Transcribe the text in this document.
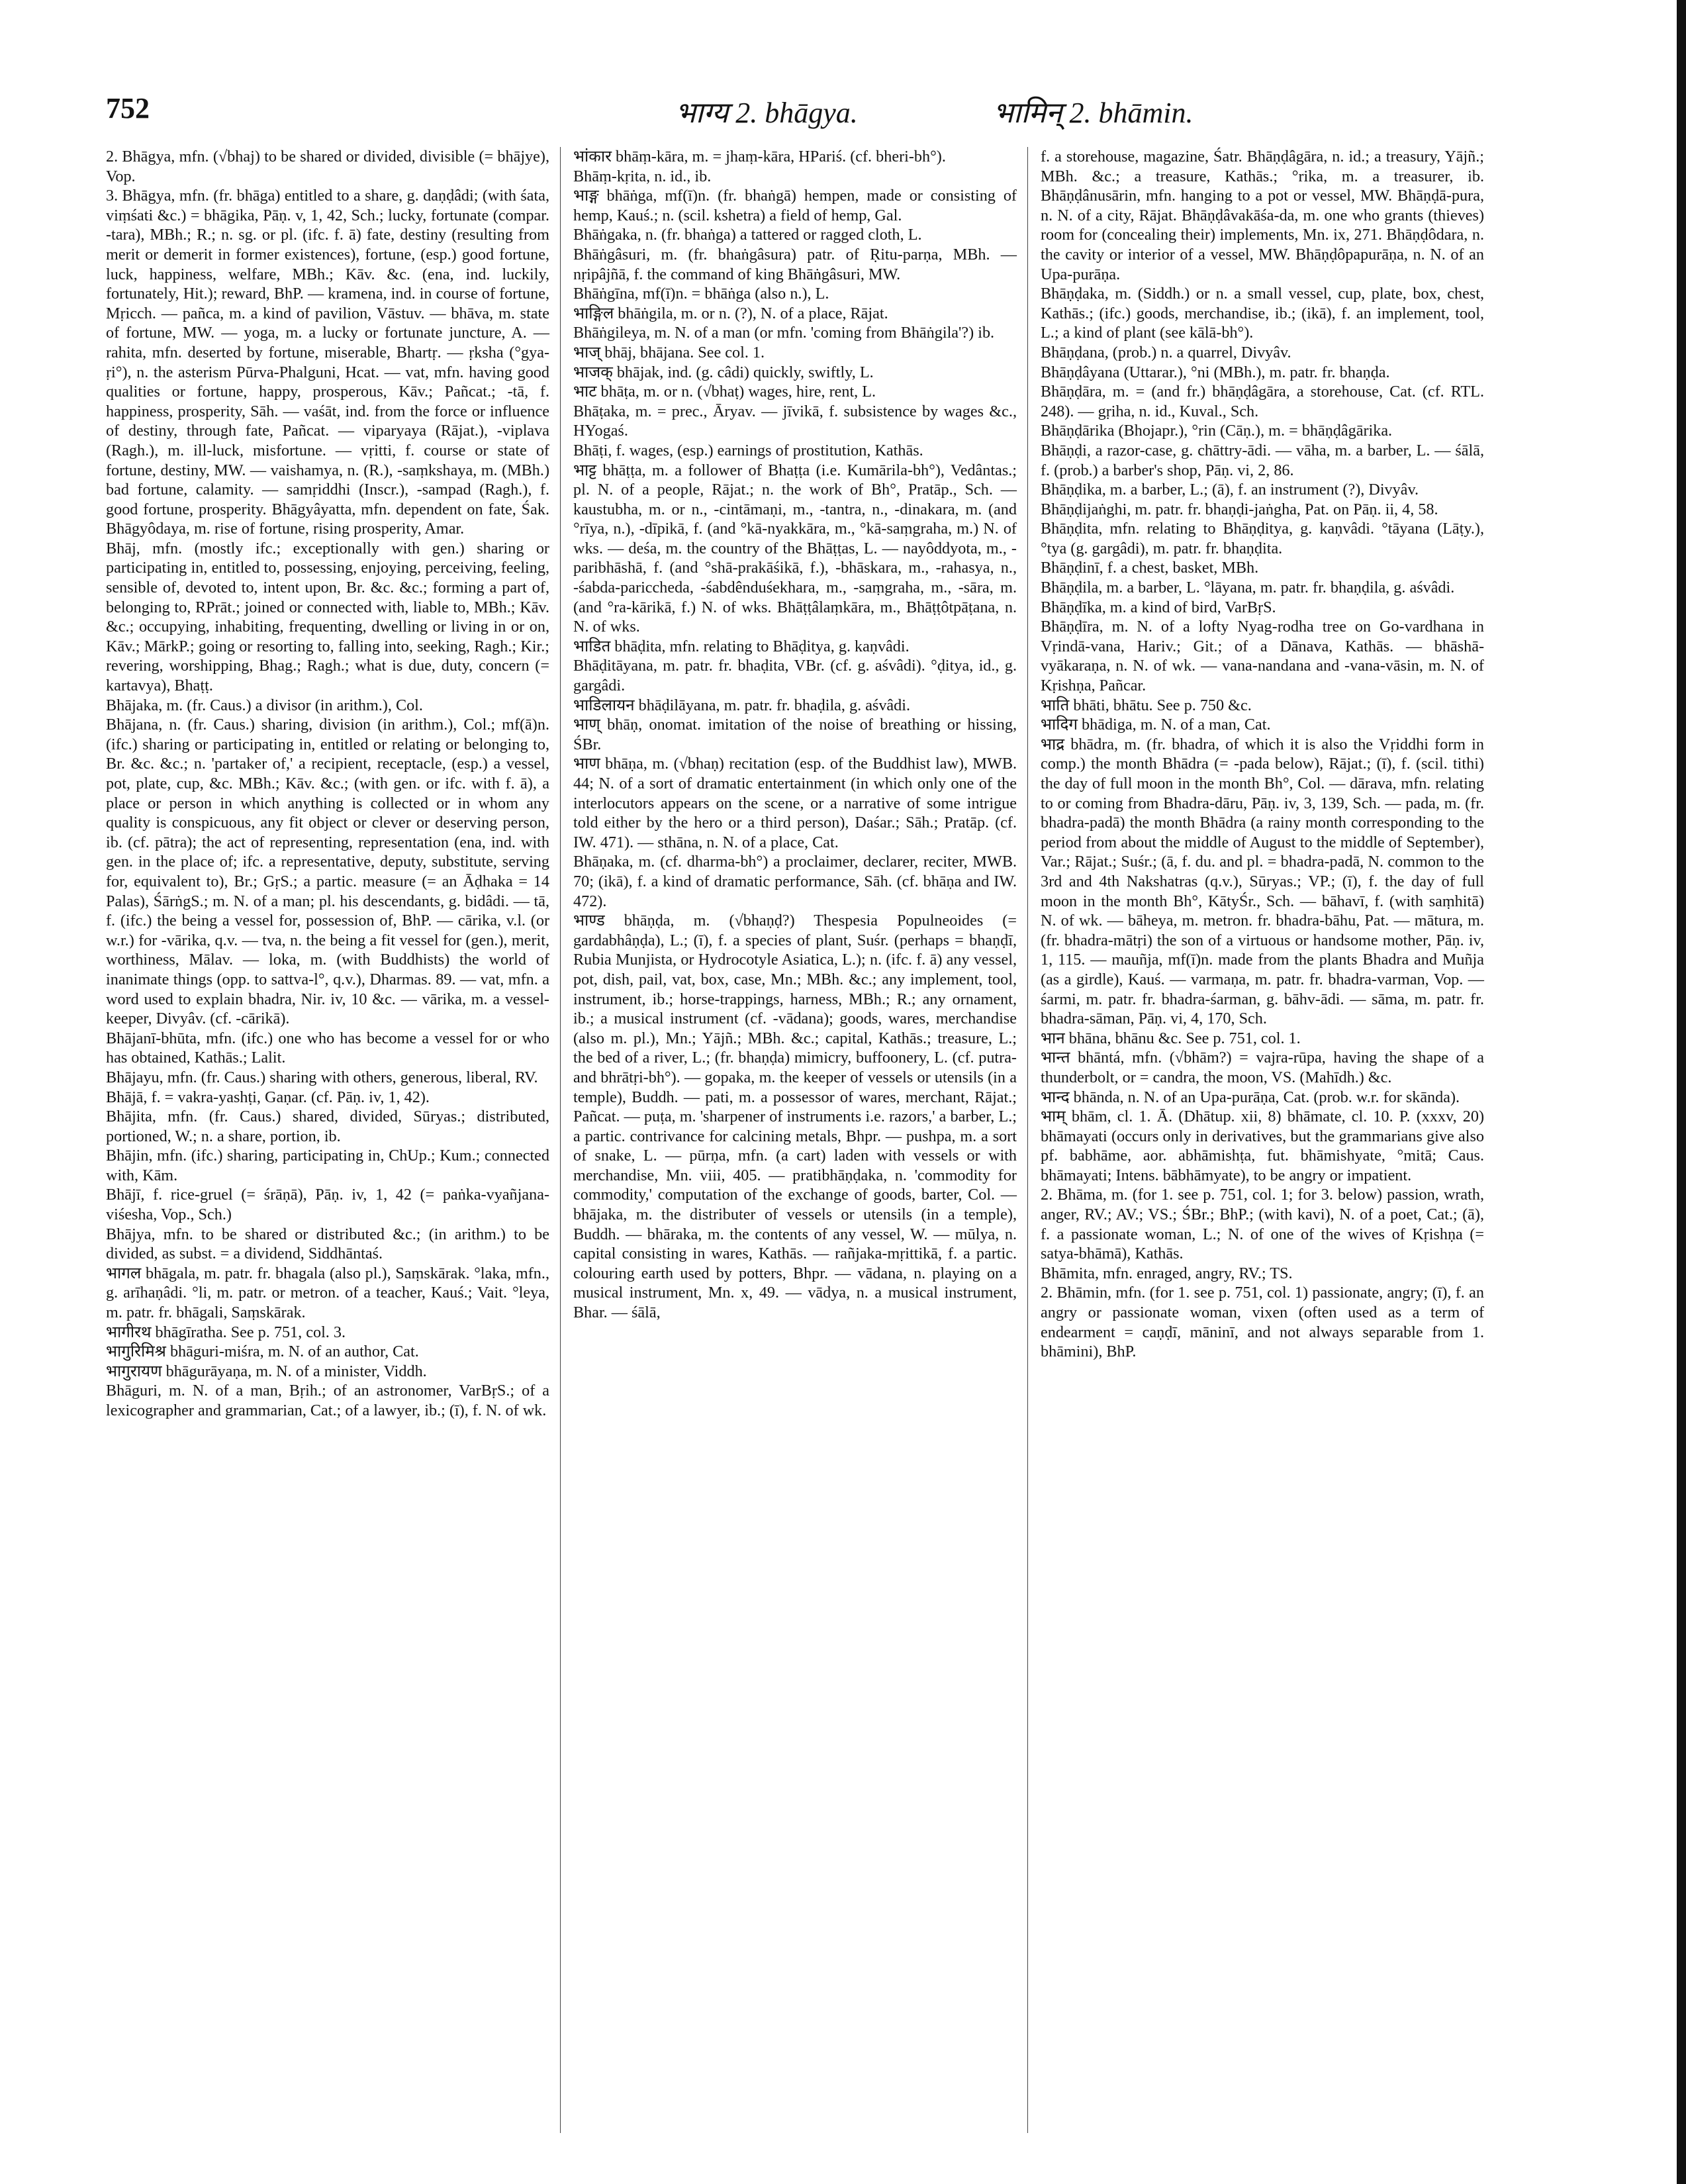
752	भाग्य 2. bhāgya.	भामिन् 2. bhāmin.

2. Bhāgya, mfn. (√bhaj) to be shared or divided, divisible (= bhājye), Vop.

3. Bhāgya, mfn. (fr. bhāga) entitled to a share, g. daṇḍâdi; (with śata, viṃśati &c.) = bhāgika, Pāṇ. v, 1, 42, Sch.; lucky, fortunate (compar. -tara), MBh.; R.; n. sg. or pl. (ifc. f. ā) fate, destiny (resulting from merit or demerit in former existences), fortune, (esp.) good fortune, luck, happiness, welfare, MBh.; Kāv. &c. (ena, ind. luckily, fortunately, Hit.); reward, BhP. — kramena, ind. in course of fortune, Mṛicch. — pañca, m. a kind of pavilion, Vāstuv. — bhāva, m. state of fortune, MW. — yoga, m. a lucky or fortunate juncture, A. — rahita, mfn. deserted by fortune, miserable, Bhartṛ. — ṛksha (°gya-ṛi°), n. the asterism Pūrva-Phalguni, Hcat. — vat, mfn. having good qualities or fortune, happy, prosperous, Kāv.; Pañcat.; -tā, f. happiness, prosperity, Sāh. — vaśāt, ind. from the force or influence of destiny, through fate, Pañcat. — viparyaya (Rājat.), -viplava (Ragh.), m. ill-luck, misfortune. — vṛitti, f. course or state of fortune, destiny, MW. — vaishamya, n. (R.), -saṃkshaya, m. (MBh.) bad fortune, calamity. — samṛiddhi (Inscr.), -sampad (Ragh.), f. good fortune, prosperity. Bhāgyâyatta, mfn. dependent on fate, Śak. Bhāgyôdaya, m. rise of fortune, rising prosperity, Amar.

Bhāj, mfn. (mostly ifc.; exceptionally with gen.) sharing or participating in, entitled to, possessing, enjoying, perceiving, feeling, sensible of, devoted to, intent upon, Br. &c. &c.; forming a part of, belonging to, RPrāt.; joined or connected with, liable to, MBh.; Kāv. &c.; occupying, inhabiting, frequenting, dwelling or living in or on, Kāv.; MārkP.; going or resorting to, falling into, seeking, Ragh.; Kir.; revering, worshipping, Bhag.; Ragh.; what is due, duty, concern (= kartavya), Bhaṭṭ.

Bhājaka, m. (fr. Caus.) a divisor (in arithm.), Col.

Bhājana, n. (fr. Caus.) sharing, division (in arithm.), Col.; mf(ā)n. (ifc.) sharing or participating in, entitled or relating or belonging to, Br. &c. &c.; n. 'partaker of,' a recipient, receptacle, (esp.) a vessel, pot, plate, cup, &c. MBh.; Kāv. &c.; (with gen. or ifc. with f. ā), a place or person in which anything is collected or in whom any quality is conspicuous, any fit object or clever or deserving person, ib. (cf. pātra); the act of representing, representation (ena, ind. with gen. in the place of; ifc. a representative, deputy, substitute, serving for, equivalent to), Br.; GṛS.; a partic. measure (= an Āḍhaka = 14 Palas), ŚārṅgS.; m. N. of a man; pl. his descendants, g. bidâdi. — tā, f. (ifc.) the being a vessel for, possession of, BhP. — cārika, v.l. (or w.r.) for -vārika, q.v. — tva, n. the being a fit vessel for (gen.), merit, worthiness, Mālav. — loka, m. (with Buddhists) the world of inanimate things (opp. to sattva-l°, q.v.), Dharmas. 89. — vat, mfn. a word used to explain bhadra, Nir. iv, 10 &c. — vārika, m. a vessel-keeper, Divyâv. (cf. -cārikā).

Bhājanī-bhūta, mfn. (ifc.) one who has become a vessel for or who has obtained, Kathās.; Lalit.

Bhājayu, mfn. (fr. Caus.) sharing with others, generous, liberal, RV.

Bhājā, f. = vakra-yashṭi, Gaṇar. (cf. Pāṇ. iv, 1, 42).

Bhājita, mfn. (fr. Caus.) shared, divided, Sūryas.; distributed, portioned, W.; n. a share, portion, ib.

Bhājin, mfn. (ifc.) sharing, participating in, ChUp.; Kum.; connected with, Kām.

Bhājī, f. rice-gruel (= śrāṇā), Pāṇ. iv, 1, 42 (= paṅka-vyañjana-viśesha, Vop., Sch.)

Bhājya, mfn. to be shared or distributed &c.; (in arithm.) to be divided, as subst. = a dividend, Siddhāntaś.

भागल bhāgala, m. patr. fr. bhagala (also pl.), Saṃskārak. °laka, mfn., g. arīhaṇâdi. °li, m. patr. or metron. of a teacher, Kauś.; Vait. °leya, m. patr. fr. bhāgali, Saṃskārak.

भागीरथ bhāgīratha. See p. 751, col. 3.

भागुरिमिश्र bhāguri-miśra, m. N. of an author, Cat.

भागुरायण bhāgurāyaṇa, m. N. of a minister, Viddh.

Bhāguri, m. N. of a man, Bṛih.; of an astronomer, VarBṛS.; of a lexicographer and grammarian, Cat.; of a lawyer, ib.; (ī), f. N. of wk.

भांकार bhāṃ-kāra, m. = jhaṃ-kāra, HPariś. (cf. bheri-bh°).

Bhāṃ-kṛita, n. id., ib.

भाङ्ग bhāṅga, mf(ī)n. (fr. bhaṅgā) hempen, made or consisting of hemp, Kauś.; n. (scil. kshetra) a field of hemp, Gal.

Bhāṅgaka, n. (fr. bhaṅga) a tattered or ragged cloth, L.

Bhāṅgâsuri, m. (fr. bhaṅgâsura) patr. of Ṛitu-parṇa, MBh. — nṛipâjñā, f. the command of king Bhāṅgâsuri, MW.

Bhāṅgīna, mf(ī)n. = bhāṅga (also n.), L.

भाङ्गिल bhāṅgila, m. or n. (?), N. of a place, Rājat.

Bhāṅgileya, m. N. of a man (or mfn. 'coming from Bhāṅgila'?) ib.

भाज् bhāj, bhājana. See col. 1.

भाजक् bhājak, ind. (g. câdi) quickly, swiftly, L.

भाट bhāṭa, m. or n. (√bhaṭ) wages, hire, rent, L.

Bhāṭaka, m. = prec., Āryav. — jīvikā, f. subsistence by wages &c., HYogaś.

Bhāṭi, f. wages, (esp.) earnings of prostitution, Kathās.

भाट्ट bhāṭṭa, m. a follower of Bhaṭṭa (i.e. Kumārila-bh°), Vedântas.; pl. N. of a people, Rājat.; n. the work of Bh°, Pratāp., Sch. — kaustubha, m. or n., -cintāmaṇi, m., -tantra, n., -dinakara, m. (and °rīya, n.), -dīpikā, f. (and °kā-nyakkāra, m., °kā-saṃgraha, m.) N. of wks. — deśa, m. the country of the Bhāṭṭas, L. — nayôddyota, m., -paribhāshā, f. (and °shā-prakāśikā, f.), -bhāskara, m., -rahasya, n., -śabda-pariccheda, -śabdênduśekhara, m., -saṃgraha, m., -sāra, m. (and °ra-kārikā, f.) N. of wks. Bhāṭṭâlaṃkāra, m., Bhāṭṭôtpāṭana, n. N. of wks.

भाडित bhāḍita, mfn. relating to Bhāḍitya, g. kaṇvâdi.

Bhāḍitāyana, m. patr. fr. bhaḍita, VBr. (cf. g. aśvâdi). °ḍitya, id., g. gargâdi.

भाडिलायन bhāḍilāyana, m. patr. fr. bhaḍila, g. aśvâdi.

भाण् bhāṇ, onomat. imitation of the noise of breathing or hissing, ŚBr.

भाण bhāṇa, m. (√bhaṇ) recitation (esp. of the Buddhist law), MWB. 44; N. of a sort of dramatic entertainment (in which only one of the interlocutors appears on the scene, or a narrative of some intrigue told either by the hero or a third person), Daśar.; Sāh.; Pratāp. (cf. IW. 471). — sthāna, n. N. of a place, Cat.

Bhāṇaka, m. (cf. dharma-bh°) a proclaimer, declarer, reciter, MWB. 70; (ikā), f. a kind of dramatic performance, Sāh. (cf. bhāṇa and IW. 472).

भाण्ड bhāṇḍa, m. (√bhaṇḍ?) Thespesia Populneoides (= gardabhâṇḍa), L.; (ī), f. a species of plant, Suśr. (perhaps = bhaṇḍī, Rubia Munjista, or Hydrocotyle Asiatica, L.); n. (ifc. f. ā) any vessel, pot, dish, pail, vat, box, case, Mn.; MBh. &c.; any implement, tool, instrument, ib.; horse-trappings, harness, MBh.; R.; any ornament, ib.; a musical instrument (cf. -vādana); goods, wares, merchandise (also m. pl.), Mn.; Yājñ.; MBh. &c.; capital, Kathās.; treasure, L.; the bed of a river, L.; (fr. bhaṇḍa) mimicry, buffoonery, L. (cf. putra- and bhrātṛi-bh°). — gopaka, m. the keeper of vessels or utensils (in a temple), Buddh. — pati, m. a possessor of wares, merchant, Rājat.; Pañcat. — puṭa, m. 'sharpener of instruments i.e. razors,' a barber, L.; a partic. contrivance for calcining metals, Bhpr. — pushpa, m. a sort of snake, L. — pūrṇa, mfn. (a cart) laden with vessels or with merchandise, Mn. viii, 405. — pratibhāṇḍaka, n. 'commodity for commodity,' computation of the exchange of goods, barter, Col. — bhājaka, m. the distributer of vessels or utensils (in a temple), Buddh. — bhāraka, m. the contents of any vessel, W. — mūlya, n. capital consisting in wares, Kathās. — rañjaka-mṛittikā, f. a partic. colouring earth used by potters, Bhpr. — vādana, n. playing on a musical instrument, Mn. x, 49. — vādya, n. a musical instrument, Bhar. — śālā,

f. a storehouse, magazine, Śatr. Bhāṇḍâgāra, n. id.; a treasury, Yājñ.; MBh. &c.; a treasure, Kathās.; °rika, m. a treasurer, ib. Bhāṇḍânusārin, mfn. hanging to a pot or vessel, MW. Bhāṇḍā-pura, n. N. of a city, Rājat. Bhāṇḍâvakāśa-da, m. one who grants (thieves) room for (concealing their) implements, Mn. ix, 271. Bhāṇḍôdara, n. the cavity or interior of a vessel, MW. Bhāṇḍôpapurāṇa, n. N. of an Upa-purāṇa.

Bhāṇḍaka, m. (Siddh.) or n. a small vessel, cup, plate, box, chest, Kathās.; (ifc.) goods, merchandise, ib.; (ikā), f. an implement, tool, L.; a kind of plant (see kālā-bh°).

Bhāṇḍana, (prob.) n. a quarrel, Divyâv.

Bhāṇḍâyana (Uttarar.), °ni (MBh.), m. patr. fr. bhaṇḍa.

Bhāṇḍāra, m. = (and fr.) bhāṇḍâgāra, a storehouse, Cat. (cf. RTL. 248). — gṛiha, n. id., Kuval., Sch.

Bhāṇḍārika (Bhojapr.), °rin (Cāṇ.), m. = bhāṇḍâgārika.

Bhāṇḍi, a razor-case, g. chāttry-ādi. — vāha, m. a barber, L. — śālā, f. (prob.) a barber's shop, Pāṇ. vi, 2, 86.

Bhāṇḍika, m. a barber, L.; (ā), f. an instrument (?), Divyâv.

Bhāṇḍijaṅghi, m. patr. fr. bhaṇḍi-jaṅgha, Pat. on Pāṇ. ii, 4, 58.

Bhāṇḍita, mfn. relating to Bhāṇḍitya, g. kaṇvâdi. °tāyana (Lāṭy.), °tya (g. gargâdi), m. patr. fr. bhaṇḍita.

Bhāṇḍinī, f. a chest, basket, MBh.

Bhāṇḍila, m. a barber, L. °lāyana, m. patr. fr. bhaṇḍila, g. aśvâdi.

Bhāṇḍīka, m. a kind of bird, VarBṛS.

Bhāṇḍīra, m. N. of a lofty Nyag-rodha tree on Go-vardhana in Vṛindā-vana, Hariv.; Git.; of a Dānava, Kathās. — bhāshā-vyākaraṇa, n. N. of wk. — vana-nandana and -vana-vāsin, m. N. of Kṛishṇa, Pañcar.

भाति bhāti, bhātu. See p. 750 &c.

भादिग bhādiga, m. N. of a man, Cat.

भाद्र bhādra, m. (fr. bhadra, of which it is also the Vṛiddhi form in comp.) the month Bhādra (= -pada below), Rājat.; (ī), f. (scil. tithi) the day of full moon in the month Bh°, Col. — dārava, mfn. relating to or coming from Bhadra-dāru, Pāṇ. iv, 3, 139, Sch. — pada, m. (fr. bhadra-padā) the month Bhādra (a rainy month corresponding to the period from about the middle of August to the middle of September), Var.; Rājat.; Suśr.; (ā, f. du. and pl. = bhadra-padā, N. common to the 3rd and 4th Nakshatras (q.v.), Sūryas.; VP.; (ī), f. the day of full moon in the month Bh°, KātyŚr., Sch. — bāhavī, f. (with saṃhitā) N. of wk. — bāheya, m. metron. fr. bhadra-bāhu, Pat. — mātura, m. (fr. bhadra-mātṛi) the son of a virtuous or handsome mother, Pāṇ. iv, 1, 115. — mauñja, mf(ī)n. made from the plants Bhadra and Muñja (as a girdle), Kauś. — varmaṇa, m. patr. fr. bhadra-varman, Vop. — śarmi, m. patr. fr. bhadra-śarman, g. bāhv-ādi. — sāma, m. patr. fr. bhadra-sāman, Pāṇ. vi, 4, 170, Sch.

भान bhāna, bhānu &c. See p. 751, col. 1.

भान्त bhāntá, mfn. (√bhām?) = vajra-rūpa, having the shape of a thunderbolt, or = candra, the moon, VS. (Mahīdh.) &c.

भान्द bhānda, n. N. of an Upa-purāṇa, Cat. (prob. w.r. for skānda).

भाम् bhām, cl. 1. Ā. (Dhātup. xii, 8) bhāmate, cl. 10. P. (xxxv, 20) bhāmayati (occurs only in derivatives, but the grammarians give also pf. babhāme, aor. abhāmishṭa, fut. bhāmishyate, °mitā; Caus. bhāmayati; Intens. bābhāmyate), to be angry or impatient.

2. Bhāma, m. (for 1. see p. 751, col. 1; for 3. below) passion, wrath, anger, RV.; AV.; VS.; ŚBr.; BhP.; (with kavi), N. of a poet, Cat.; (ā), f. a passionate woman, L.; N. of one of the wives of Kṛishṇa (= satya-bhāmā), Kathās.

Bhāmita, mfn. enraged, angry, RV.; TS.

2. Bhāmin, mfn. (for 1. see p. 751, col. 1) passionate, angry; (ī), f. an angry or passionate woman, vixen (often used as a term of endearment = caṇḍī, māninī, and not always separable from 1. bhāmini), BhP.
